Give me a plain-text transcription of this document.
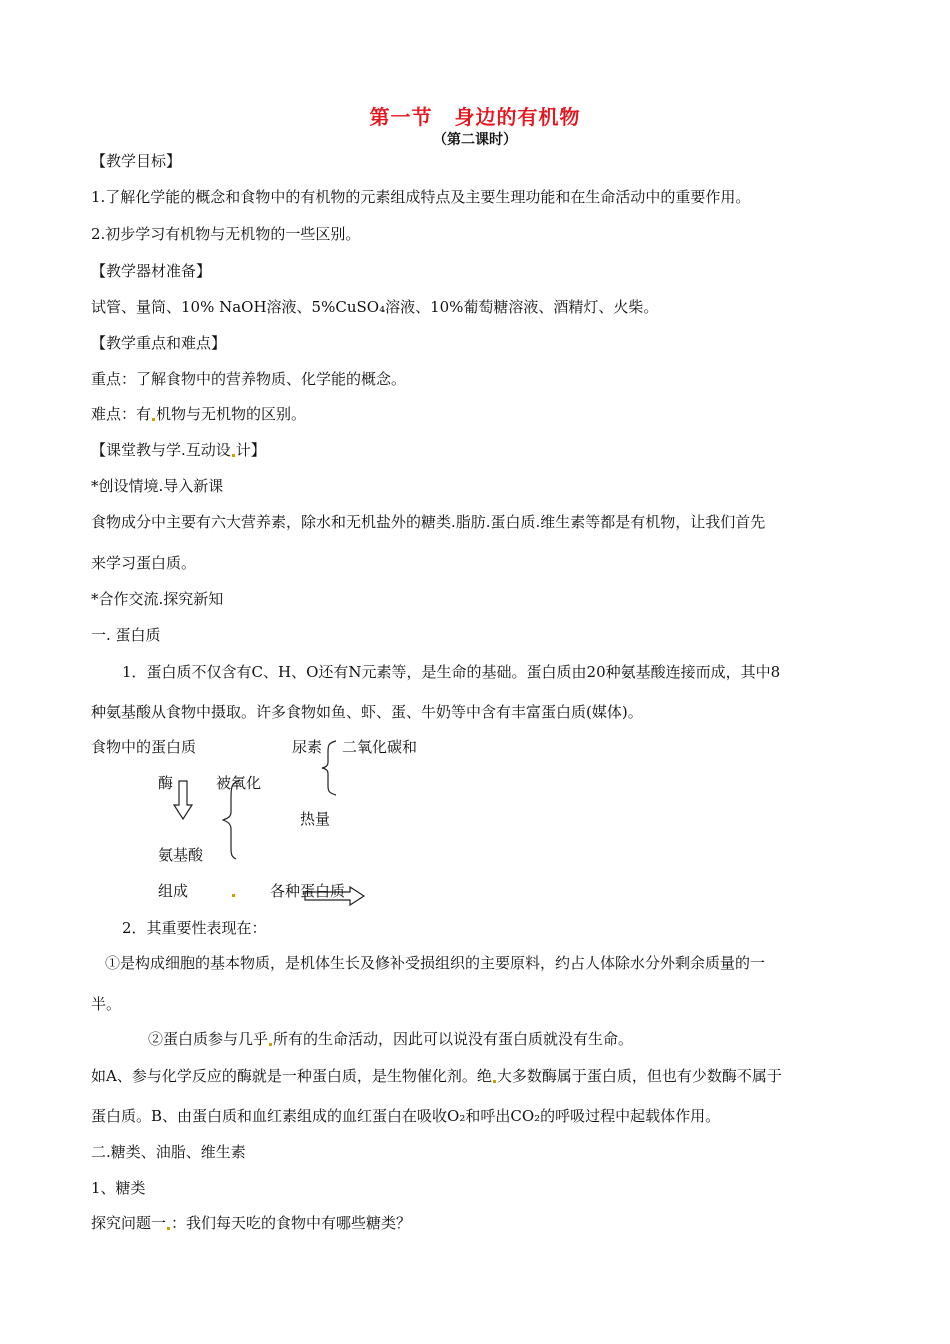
第一节 身边的有机物
（第二课时）
【教学目标】
1.了解化学能的概念和食物中的有机物的元素组成特点及主要生理功能和在生命活动中的重要作用。
2.初步学习有机物与无机物的一些区别。
【教学器材准备】
试管、量筒、10% NaOH溶液、5%CuSO₄溶液、10%葡萄糖溶液、酒精灯、火柴。
【教学重点和难点】
重点：了解食物中的营养物质、化学能的概念。
难点：有 机物与无机物的区别。
【课堂教与学.互动设 计】
*创设情境.导入新课
食物成分中主要有六大营养素，除水和无机盐外的糖类.脂肪.蛋白质.维生素等都是有机物，让我们首先
来学习蛋白质。
*合作交流.探究新知
一. 蛋白质
1．蛋白质不仅含有C、H、O还有N元素等，是生命的基础。蛋白质由20种氨基酸连接而成，其中8
种氨基酸从食物中摄取。许多食物如鱼、虾、蛋、牛奶等中含有丰富蛋白质(媒体)。
食物中的蛋白质	尿素 二氧化碳和
酶	被氧化
热量
氨基酸
组成	各种蛋白质
2．其重要性表现在：
①是构成细胞的基本物质，是机体生长及修补受损组织的主要原料，约占人体除水分外剩余质量的一
半。
②蛋白质参与几乎 所有的生命活动，因此可以说没有蛋白质就没有生命。
如A、参与化学反应的酶就是一种蛋白质，是生物催化剂。绝 大多数酶属于蛋白质，但也有少数酶不属于
蛋白质。B、由蛋白质和血红素组成的血红蛋白在吸收O₂和呼出CO₂的呼吸过程中起载体作用。
二.糖类、油脂、维生素
1、糖类
探究问题一 ：我们每天吃的食物中有哪些糖类？
